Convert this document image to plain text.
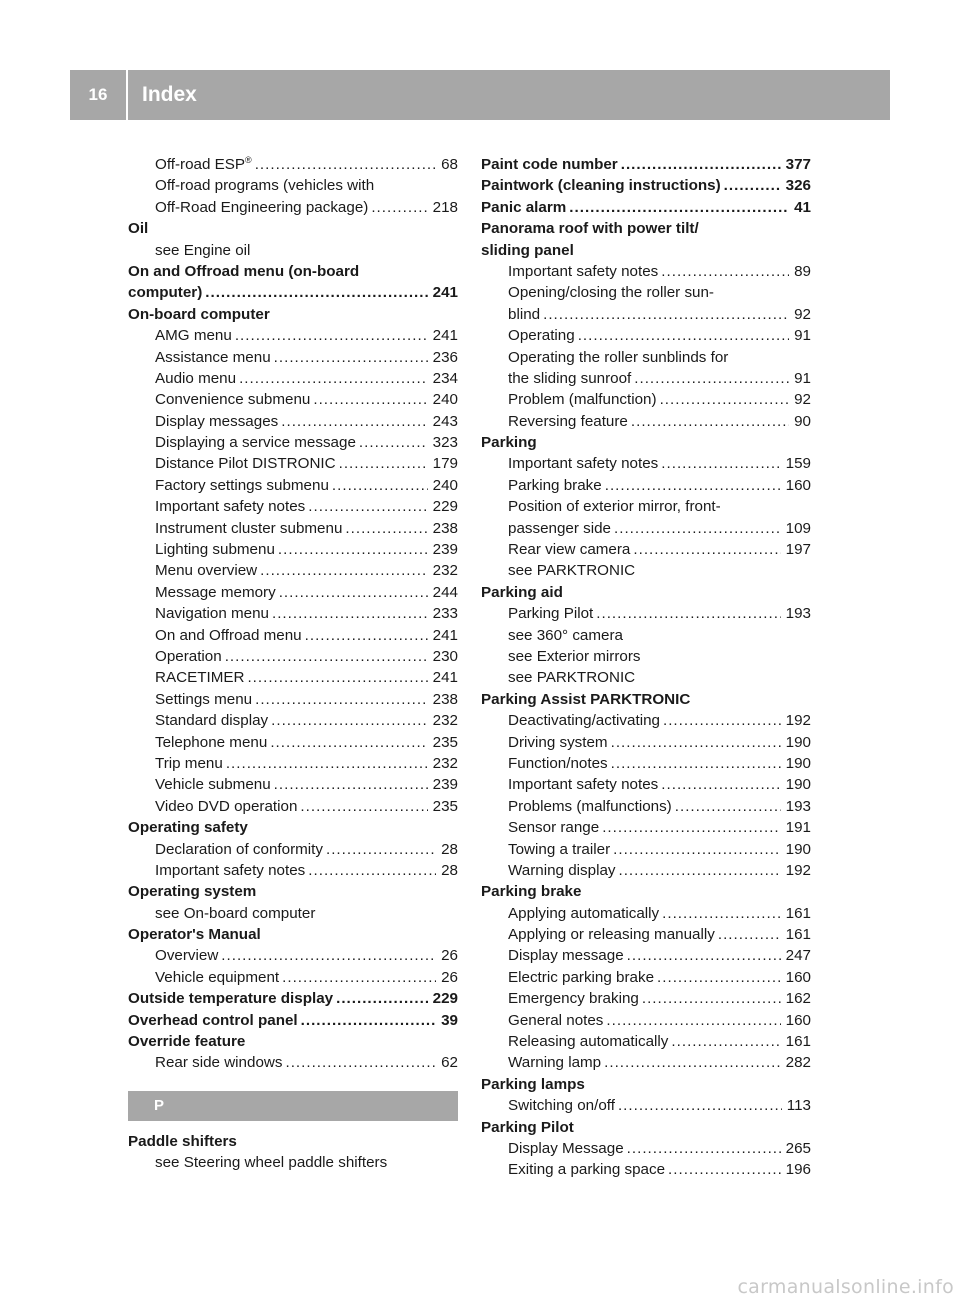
16	Index
Off-road ESP® .....	68
Off-road programs (vehicles with
Off-Road Engineering package) .....	218
Oil
see Engine oil
On and Offroad menu (on-board
computer) .....	241
On-board computer
AMG menu .....	241
Assistance menu .....	236
Audio menu .....	234
Convenience submenu .....	240
Display messages .....	243
Displaying a service message .....	323
Distance Pilot DISTRONIC .....	179
Factory settings submenu .....	240
Important safety notes .....	229
Instrument cluster submenu .....	238
Lighting submenu .....	239
Menu overview .....	232
Message memory .....	244
Navigation menu .....	233
On and Offroad menu .....	241
Operation .....	230
RACETIMER .....	241
Settings menu .....	238
Standard display .....	232
Telephone menu .....	235
Trip menu .....	232
Vehicle submenu .....	239
Video DVD operation .....	235
Operating safety
Declaration of conformity .....	28
Important safety notes .....	28
Operating system
see On-board computer
Operator's Manual
Overview .....	26
Vehicle equipment .....	26
Outside temperature display .....	229
Overhead control panel .....	39
Override feature
Rear side windows .....	62
P
Paddle shifters
see Steering wheel paddle shifters
Paint code number .....	377
Paintwork (cleaning instructions) .....	326
Panic alarm .....	41
Panorama roof with power tilt/
sliding panel
Important safety notes .....	89
Opening/closing the roller sun-
blind .....	92
Operating .....	91
Operating the roller sunblinds for
the sliding sunroof .....	91
Problem (malfunction) .....	92
Reversing feature .....	90
Parking
Important safety notes .....	159
Parking brake .....	160
Position of exterior mirror, front-
passenger side .....	109
Rear view camera .....	197
see PARKTRONIC
Parking aid
Parking Pilot .....	193
see 360° camera
see Exterior mirrors
see PARKTRONIC
Parking Assist PARKTRONIC
Deactivating/activating .....	192
Driving system .....	190
Function/notes .....	190
Important safety notes .....	190
Problems (malfunctions) .....	193
Sensor range .....	191
Towing a trailer .....	190
Warning display .....	192
Parking brake
Applying automatically .....	161
Applying or releasing manually .....	161
Display message .....	247
Electric parking brake .....	160
Emergency braking .....	162
General notes .....	160
Releasing automatically .....	161
Warning lamp .....	282
Parking lamps
Switching on/off .....	113
Parking Pilot
Display Message .....	265
Exiting a parking space .....	196
carmanualsonline.info
